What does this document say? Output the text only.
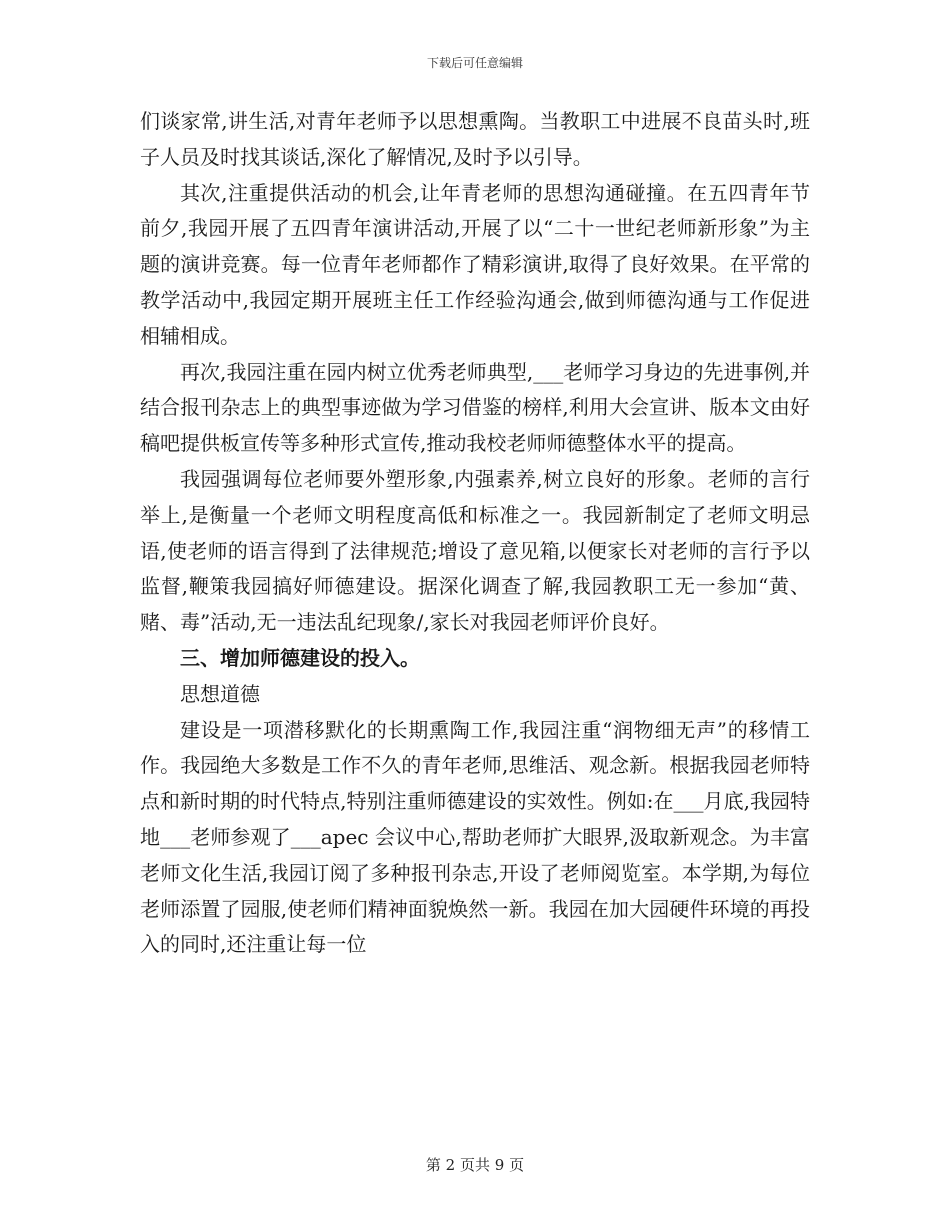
下载后可任意编辑

们谈家常,讲生活,对青年老师予以思想熏陶。当教职工中进展不良苗头时,班子人员及时找其谈话,深化了解情况,及时予以引导。

其次,注重提供活动的机会,让年青老师的思想沟通碰撞。在五四青年节前夕,我园开展了五四青年演讲活动,开展了以“二十一世纪老师新形象”为主题的演讲竞赛。每一位青年老师都作了精彩演讲,取得了良好效果。在平常的教学活动中,我园定期开展班主任工作经验沟通会,做到师德沟通与工作促进相辅相成。

再次,我园注重在园内树立优秀老师典型,___老师学习身边的先进事例,并结合报刊杂志上的典型事迹做为学习借鉴的榜样,利用大会宣讲、版本文由好稿吧提供板宣传等多种形式宣传,推动我校老师师德整体水平的提高。

我园强调每位老师要外塑形象,内强素养,树立良好的形象。老师的言行举上,是衡量一个老师文明程度高低和标准之一。我园新制定了老师文明忌语,使老师的语言得到了法律规范;增设了意见箱,以便家长对老师的言行予以监督,鞭策我园搞好师德建设。据深化调查了解,我园教职工无一参加“黄、赌、毒”活动,无一违法乱纪现象/,家长对我园老师评价良好。

三、增加师德建设的投入。

思想道德

建设是一项潜移默化的长期熏陶工作,我园注重“润物细无声”的移情工作。我园绝大多数是工作不久的青年老师,思维活、观念新。根据我园老师特点和新时期的时代特点,特别注重师德建设的实效性。例如:在___月底,我园特地___老师参观了___apec 会议中心,帮助老师扩大眼界,汲取新观念。为丰富老师文化生活,我园订阅了多种报刊杂志,开设了老师阅览室。本学期,为每位老师添置了园服,使老师们精神面貌焕然一新。我园在加大园硬件环境的再投入的同时,还注重让每一位

第 2 页共 9 页
